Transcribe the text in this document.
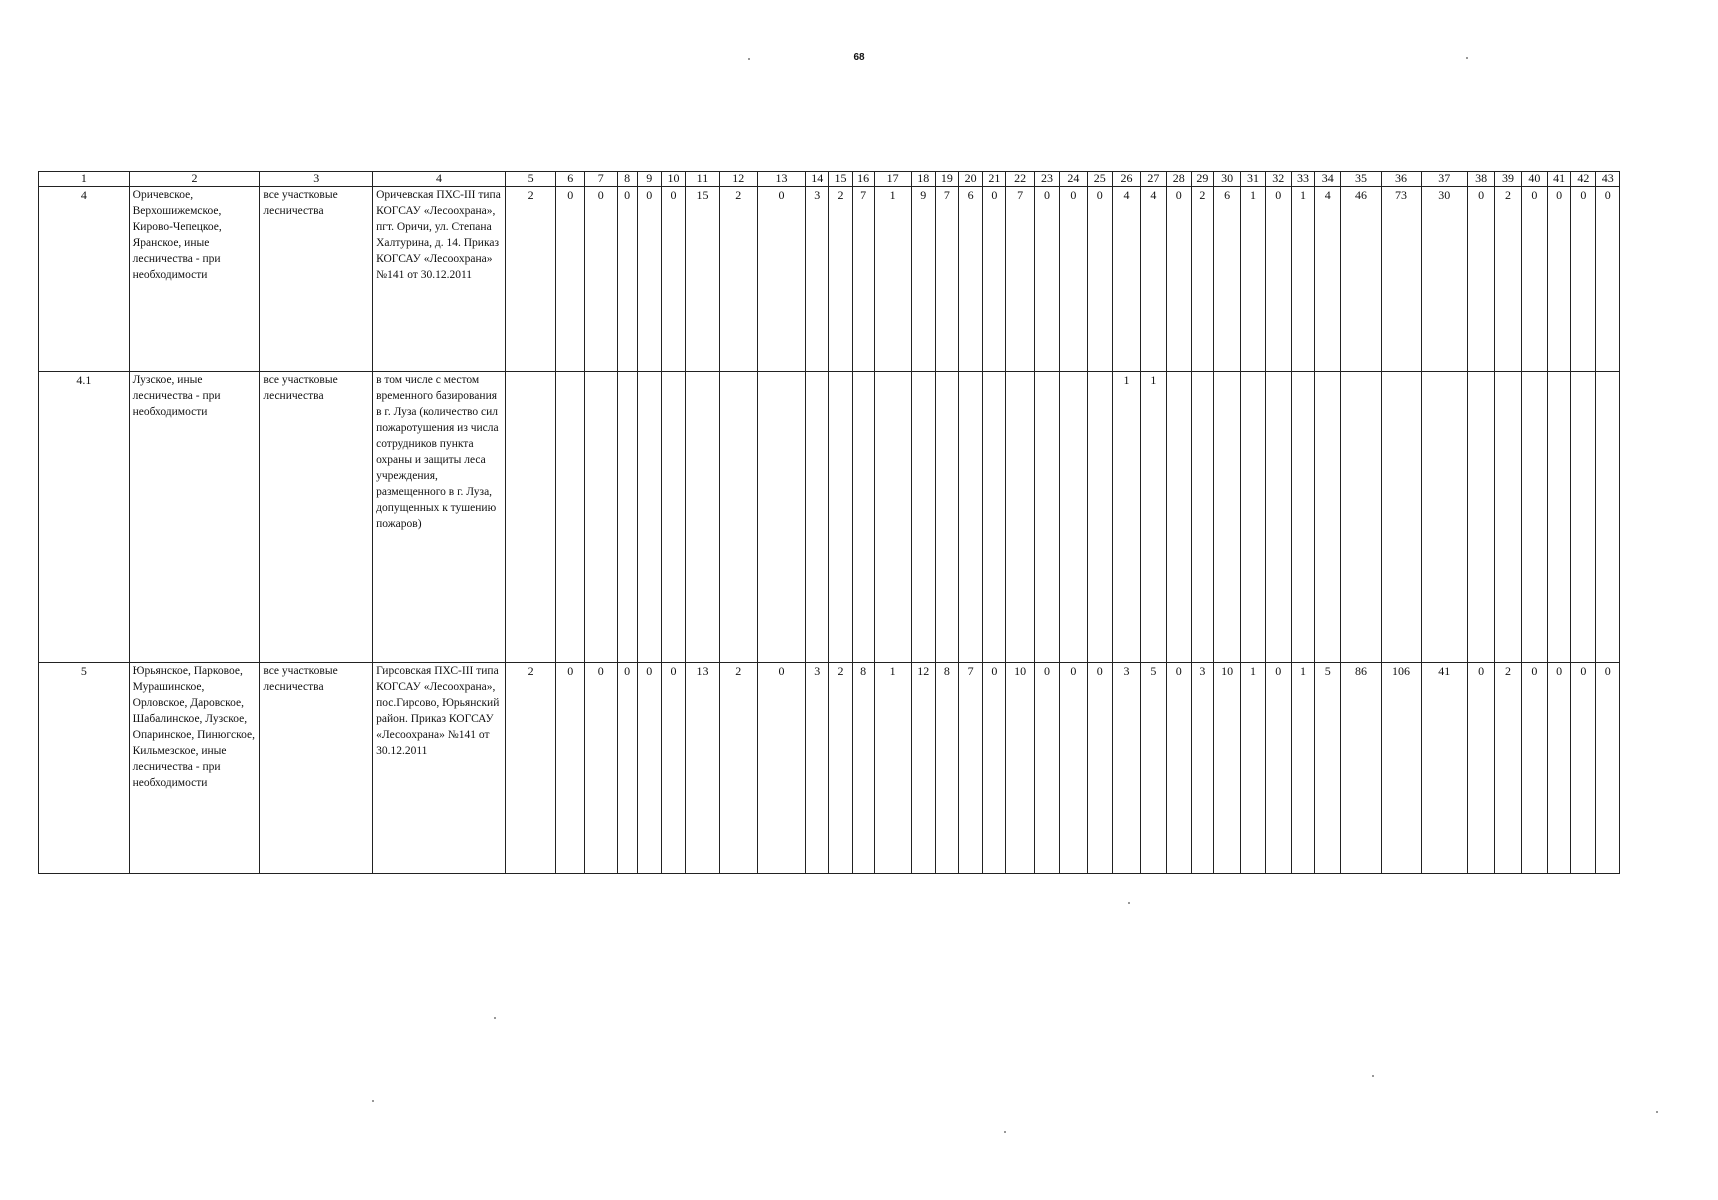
68
1	2	3	4	5	6	7	8	9	10	11	12	13	14	15	16	17	18	19	20	21	22	23	24	25	26	27	28	29	30	31	32	33	34	35	36	37	38	39	40	41	42	43
4	Оричевское, Верхошижемское, Кирово-Чепецкое, Яранское, иные лесничества - при необходимости	все участковые лесничества	Оричевская ПХС-III типа КОГСАУ «Лесоохрана», пгт. Оричи, ул. Степана Халтурина, д. 14. Приказ КОГСАУ «Лесоохрана» №141 от 30.12.2011	2	0	0	0	0	0	15	2	0	3	2	7	1	9	7	6	0	7	0	0	0	4	4	0	2	6	1	0	1	4	46	73	30	0	2	0	0	0	0
4.1	Лузское, иные лесничества - при необходимости	все участковые лесничества	в том числе с местом временного базирования в г. Луза (количество сил пожаротушения из числа сотрудников пункта охраны и защиты леса учреждения, размещенного в г. Луза, допущенных к тушению пожаров)																						1	1																
5	Юрьянское, Парковое, Мурашинское, Орловское, Даровское, Шабалинское, Лузское, Опаринское, Пинюгское, Кильмезское, иные лесничества - при необходимости	все участковые лесничества	Гирсовская ПХС-III типа КОГСАУ «Лесоохрана», пос.Гирсово, Юрьянский район. Приказ КОГСАУ «Лесоохрана» №141 от 30.12.2011	2	0	0	0	0	0	13	2	0	3	2	8	1	12	8	7	0	10	0	0	0	3	5	0	3	10	1	0	1	5	86	106	41	0	2	0	0	0	0
